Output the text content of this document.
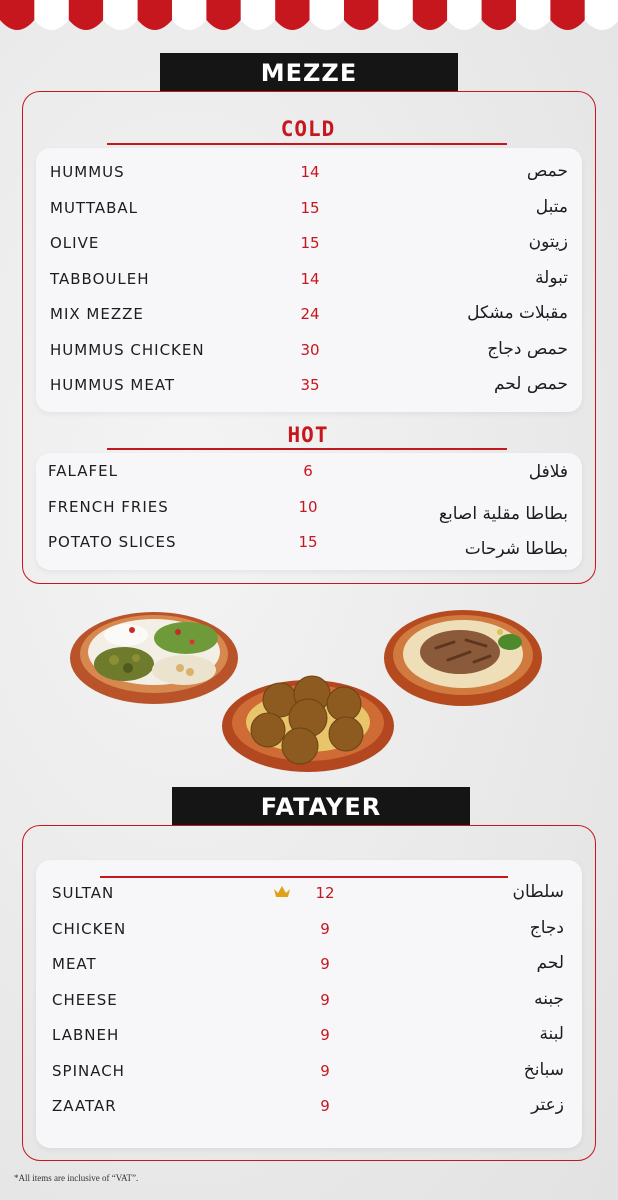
MEZZE
COLD
HUMMUS	14	حمص
MUTTABAL	15	متبل
OLIVE	15	زيتون
TABBOULEH	14	تبولة
MIX MEZZE	24	مقبلات مشكل
HUMMUS CHICKEN	30	حمص دجاج
HUMMUS MEAT	35	حمص لحم
HOT
FALAFEL	6	فلافل
FRENCH FRIES	10	بطاطا مقلية اصابع
POTATO SLICES	15	بطاطا شرحات
FATAYER
SULTAN	12	سلطان
CHICKEN	9	دجاج
MEAT	9	لحم
CHEESE	9	جبنه
LABNEH	9	لبنة
SPINACH	9	سبانخ
ZAATAR	9	زعتر
*All items are inclusive of “VAT”.
